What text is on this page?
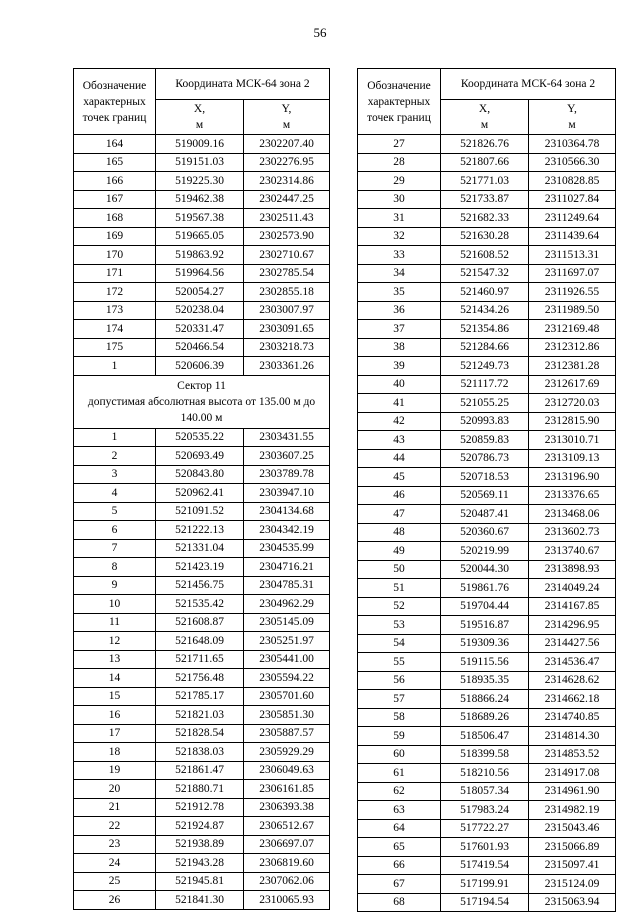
56
Обозначение характерных точек границ	Координата МСК-64 зона 2	
	X,
м	Y,
м
164	519009.16	2302207.40
165	519151.03	2302276.95
166	519225.30	2302314.86
167	519462.38	2302447.25
168	519567.38	2302511.43
169	519665.05	2302573.90
170	519863.92	2302710.67
171	519964.56	2302785.54
172	520054.27	2302855.18
173	520238.04	2303007.97
174	520331.47	2303091.65
175	520466.54	2303218.73
1	520606.39	2303361.26
Сектор 11
допустимая абсолютная высота от 135.00 м до 140.00 м		
1	520535.22	2303431.55
2	520693.49	2303607.25
3	520843.80	2303789.78
4	520962.41	2303947.10
5	521091.52	2304134.68
6	521222.13	2304342.19
7	521331.04	2304535.99
8	521423.19	2304716.21
9	521456.75	2304785.31
10	521535.42	2304962.29
11	521608.87	2305145.09
12	521648.09	2305251.97
13	521711.65	2305441.00
14	521756.48	2305594.22
15	521785.17	2305701.60
16	521821.03	2305851.30
17	521828.54	2305887.57
18	521838.03	2305929.29
19	521861.47	2306049.63
20	521880.71	2306161.85
21	521912.78	2306393.38
22	521924.87	2306512.67
23	521938.89	2306697.07
24	521943.28	2306819.60
25	521945.81	2307062.06
26	521841.30	2310065.93
Обозначение характерных точек границ	Координата МСК-64 зона 2	
	X,
м	Y,
м
27	521826.76	2310364.78
28	521807.66	2310566.30
29	521771.03	2310828.85
30	521733.87	2311027.84
31	521682.33	2311249.64
32	521630.28	2311439.64
33	521608.52	2311513.31
34	521547.32	2311697.07
35	521460.97	2311926.55
36	521434.26	2311989.50
37	521354.86	2312169.48
38	521284.66	2312312.86
39	521249.73	2312381.28
40	521117.72	2312617.69
41	521055.25	2312720.03
42	520993.83	2312815.90
43	520859.83	2313010.71
44	520786.73	2313109.13
45	520718.53	2313196.90
46	520569.11	2313376.65
47	520487.41	2313468.06
48	520360.67	2313602.73
49	520219.99	2313740.67
50	520044.30	2313898.93
51	519861.76	2314049.24
52	519704.44	2314167.85
53	519516.87	2314296.95
54	519309.36	2314427.56
55	519115.56	2314536.47
56	518935.35	2314628.62
57	518866.24	2314662.18
58	518689.26	2314740.85
59	518506.47	2314814.30
60	518399.58	2314853.52
61	518210.56	2314917.08
62	518057.34	2314961.90
63	517983.24	2314982.19
64	517722.27	2315043.46
65	517601.93	2315066.89
66	517419.54	2315097.41
67	517199.91	2315124.09
68	517194.54	2315063.94
